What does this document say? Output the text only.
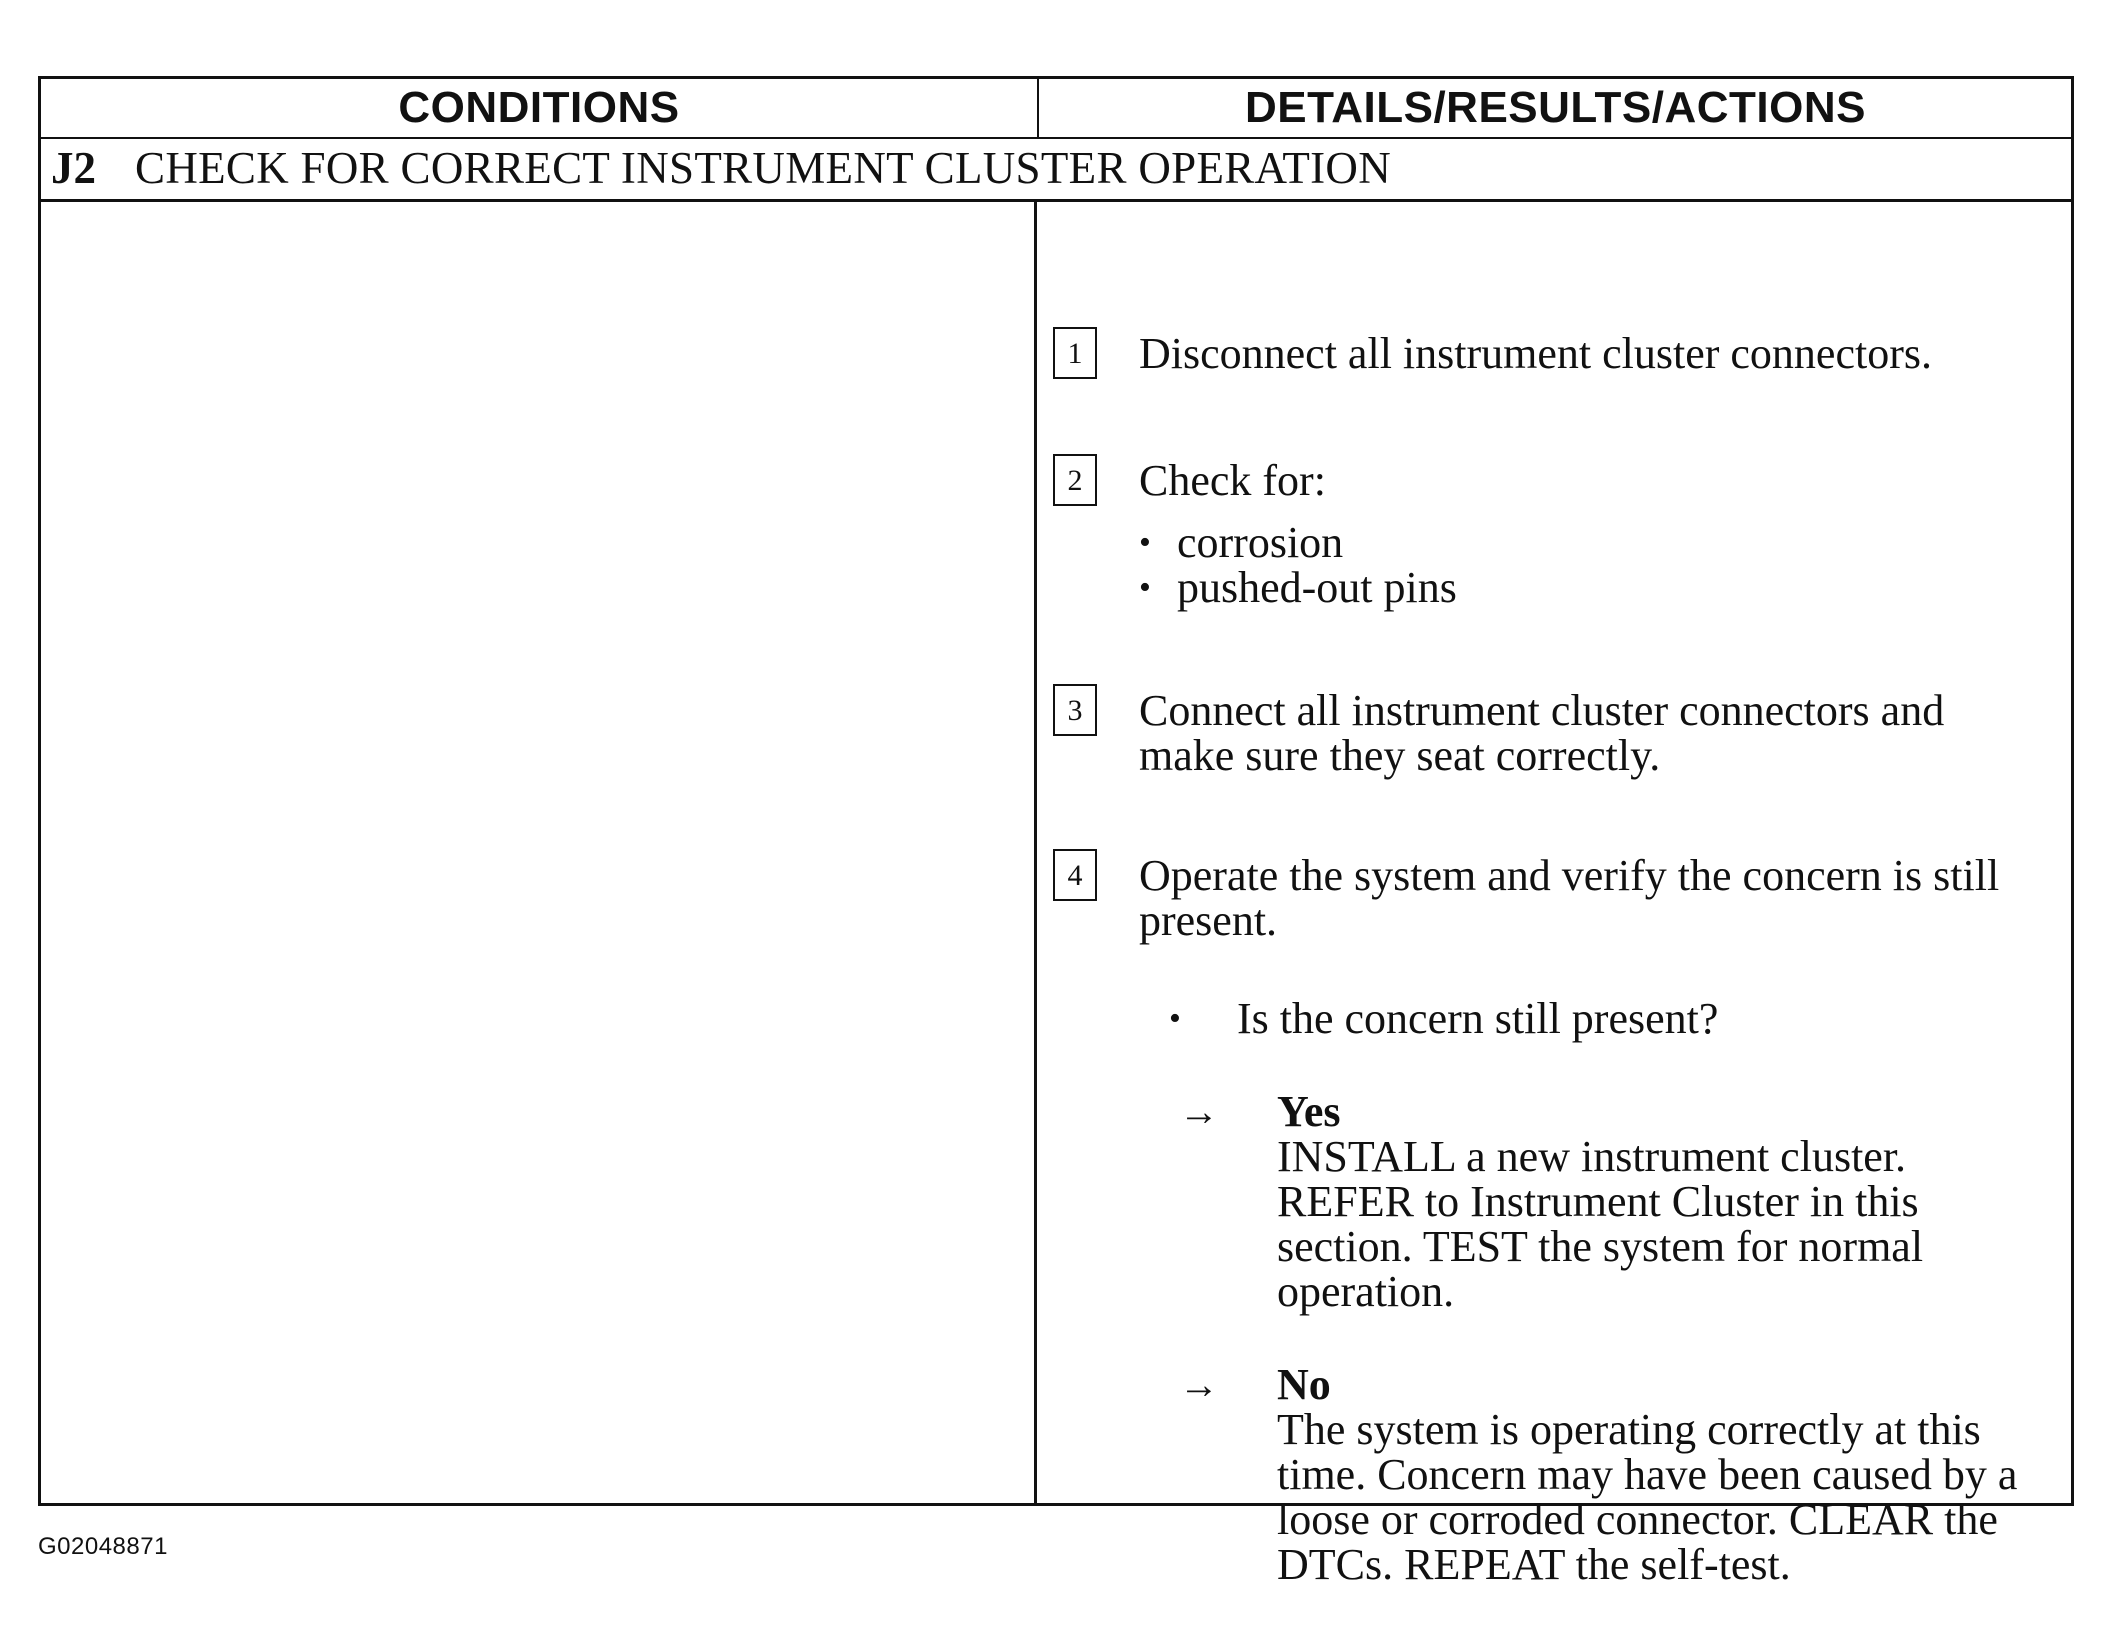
CONDITIONS	DETAILS/RESULTS/ACTIONS
J2 CHECK FOR CORRECT INSTRUMENT CLUSTER OPERATION
1	Disconnect all instrument cluster connectors.
2	Check for:
• corrosion
• pushed-out pins
3	Connect all instrument cluster connectors and
make sure they seat correctly.
4	Operate the system and verify the concern is still
present.
•	Is the concern still present?
→ Yes
INSTALL a new instrument cluster.
REFER to Instrument Cluster in this
section. TEST the system for normal
operation.
→ No
The system is operating correctly at this
time. Concern may have been caused by a
loose or corroded connector. CLEAR the
DTCs. REPEAT the self-test.
G02048871
